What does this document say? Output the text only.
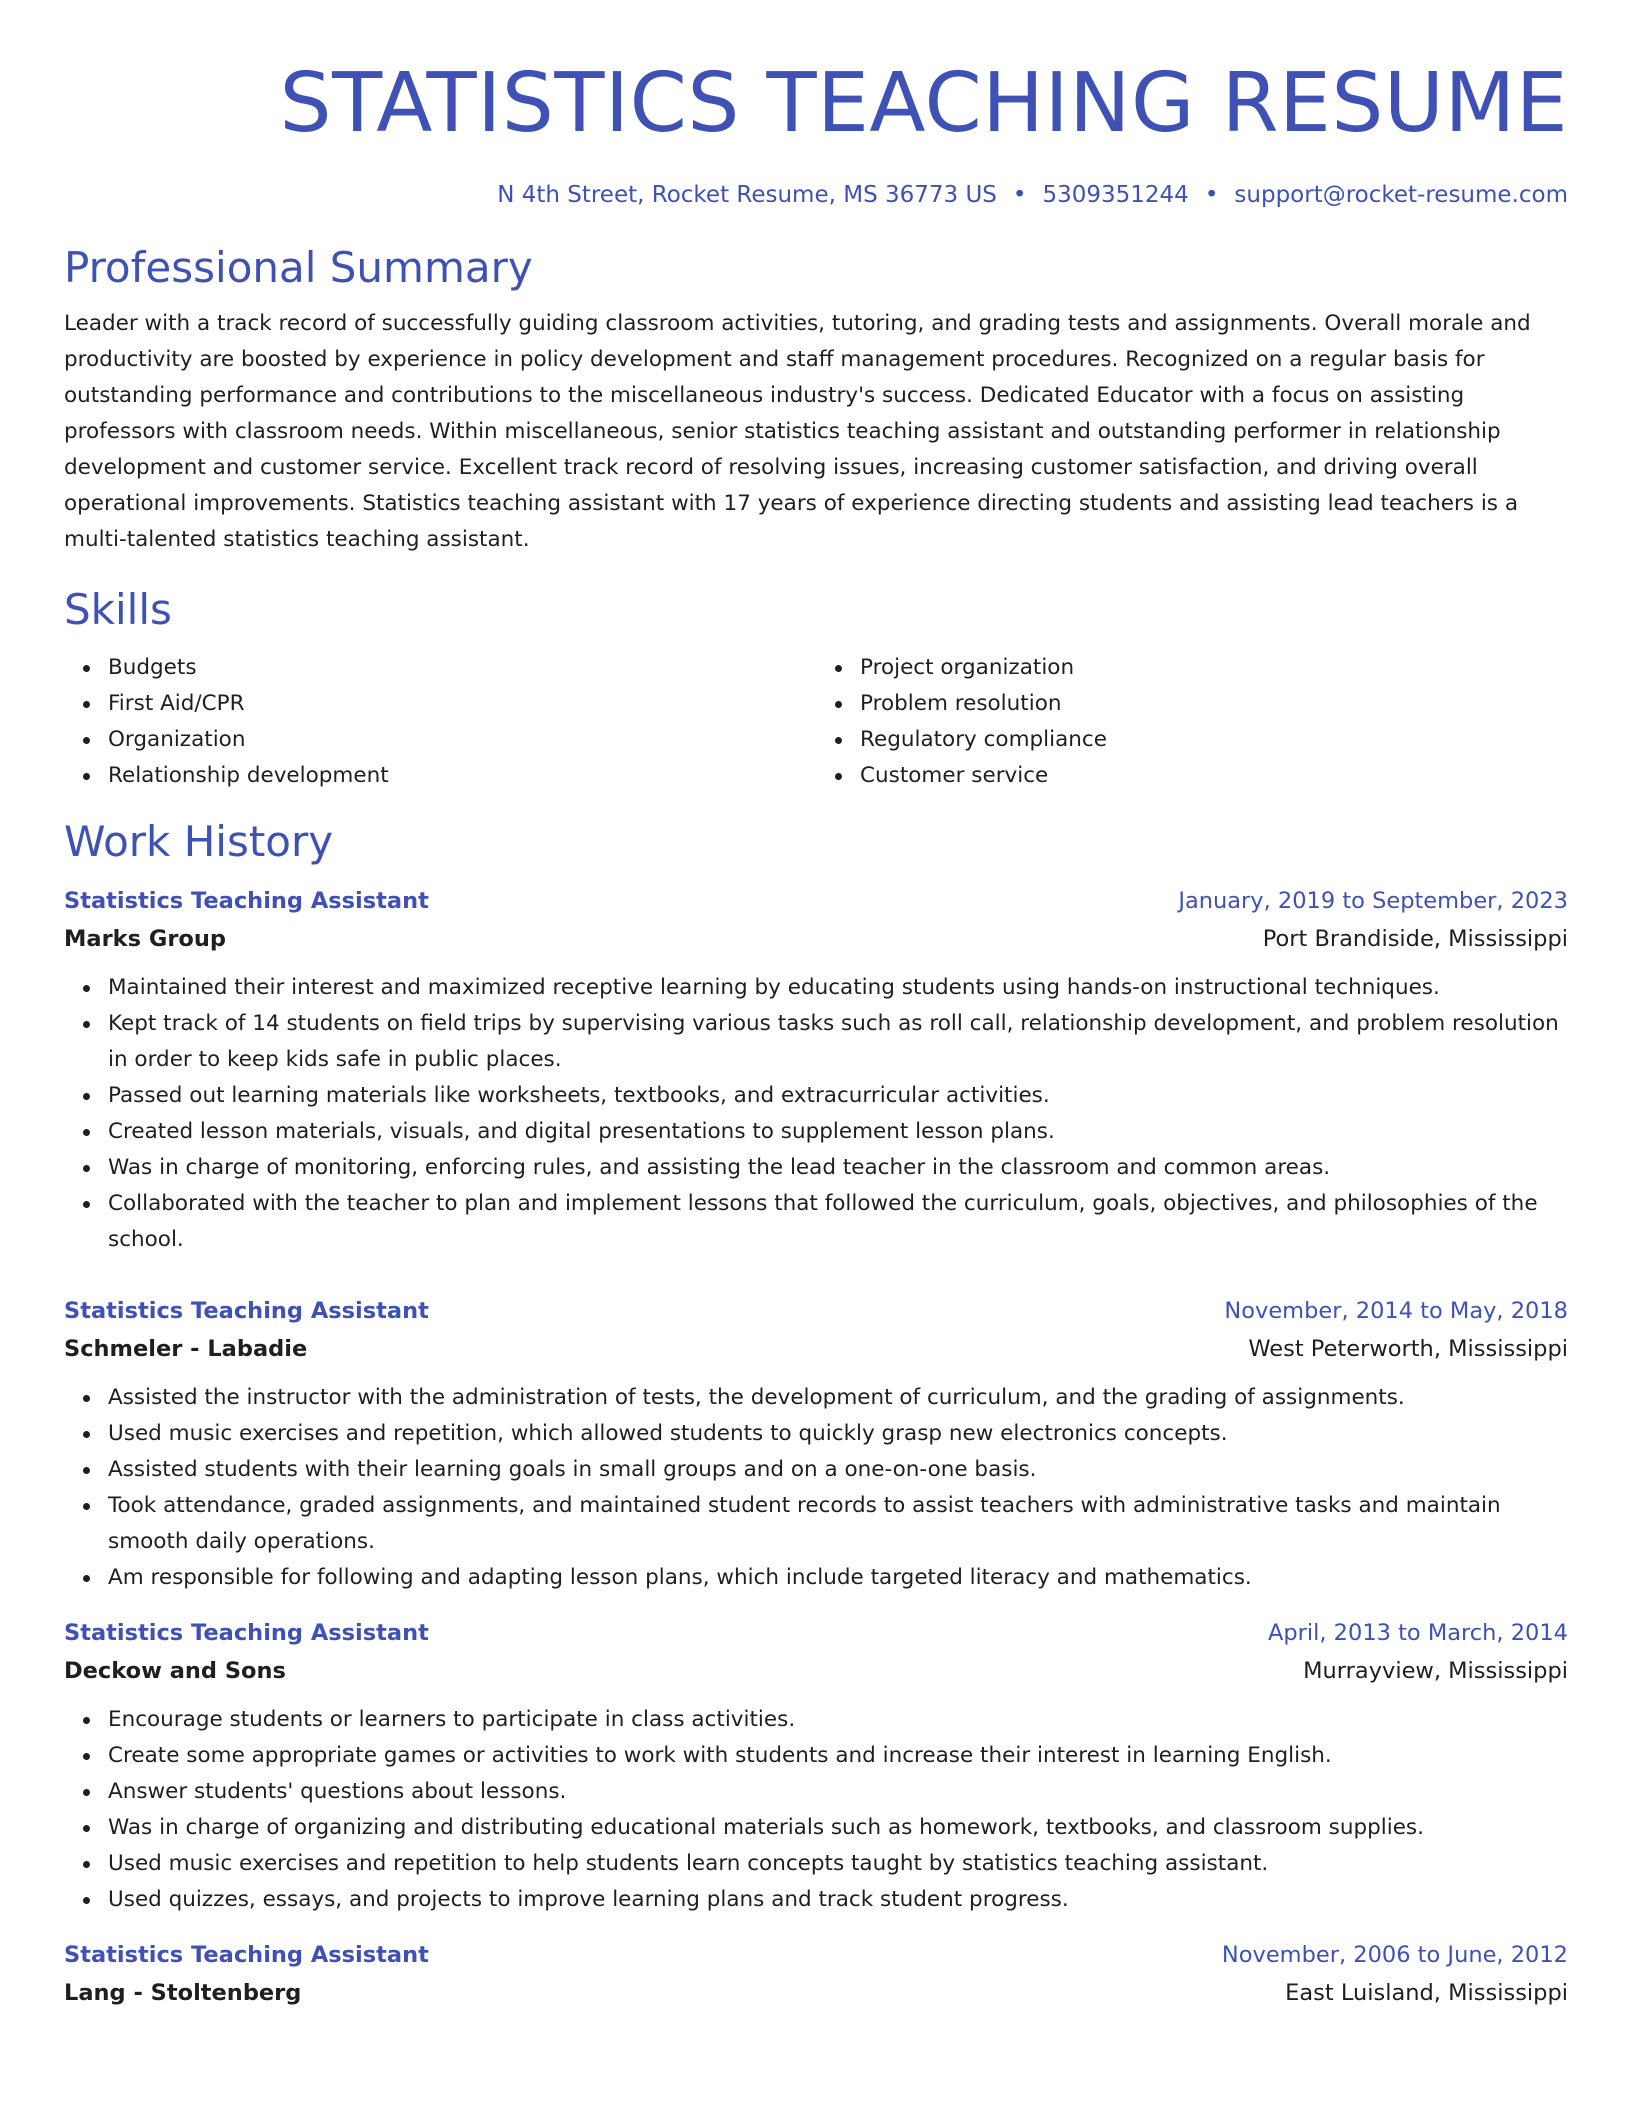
STATISTICS TEACHING RESUME
N 4th Street, Rocket Resume, MS 36773 US • 5309351244 • support@rocket-resume.com
Professional Summary

Leader with a track record of successfully guiding classroom activities, tutoring, and grading tests and assignments. Overall morale and productivity are boosted by experience in policy development and staff management procedures. Recognized on a regular basis for outstanding performance and contributions to the miscellaneous industry's success. Dedicated Educator with a focus on assisting professors with classroom needs. Within miscellaneous, senior statistics teaching assistant and outstanding performer in relationship development and customer service. Excellent track record of resolving issues, increasing customer satisfaction, and driving overall operational improvements. Statistics teaching assistant with 17 years of experience directing students and assisting lead teachers is a multi-talented statistics teaching assistant.

Skills
Budgets
First Aid/CPR
Organization
Relationship development
Project organization
Problem resolution
Regulatory compliance
Customer service
Work History
Statistics Teaching Assistant	January, 2019 to September, 2023
Marks Group	Port Brandiside, Mississippi
Maintained their interest and maximized receptive learning by educating students using hands-on instructional techniques.
Kept track of 14 students on field trips by supervising various tasks such as roll call, relationship development, and problem resolution in order to keep kids safe in public places.
Passed out learning materials like worksheets, textbooks, and extracurricular activities.
Created lesson materials, visuals, and digital presentations to supplement lesson plans.
Was in charge of monitoring, enforcing rules, and assisting the lead teacher in the classroom and common areas.
Collaborated with the teacher to plan and implement lessons that followed the curriculum, goals, objectives, and philosophies of the school.
Statistics Teaching Assistant	November, 2014 to May, 2018
Schmeler - Labadie	West Peterworth, Mississippi
Assisted the instructor with the administration of tests, the development of curriculum, and the grading of assignments.
Used music exercises and repetition, which allowed students to quickly grasp new electronics concepts.
Assisted students with their learning goals in small groups and on a one-on-one basis.
Took attendance, graded assignments, and maintained student records to assist teachers with administrative tasks and maintain smooth daily operations.
Am responsible for following and adapting lesson plans, which include targeted literacy and mathematics.
Statistics Teaching Assistant	April, 2013 to March, 2014
Deckow and Sons	Murrayview, Mississippi
Encourage students or learners to participate in class activities.
Create some appropriate games or activities to work with students and increase their interest in learning English.
Answer students' questions about lessons.
Was in charge of organizing and distributing educational materials such as homework, textbooks, and classroom supplies.
Used music exercises and repetition to help students learn concepts taught by statistics teaching assistant.
Used quizzes, essays, and projects to improve learning plans and track student progress.
Statistics Teaching Assistant	November, 2006 to June, 2012
Lang - Stoltenberg	East Luisland, Mississippi
